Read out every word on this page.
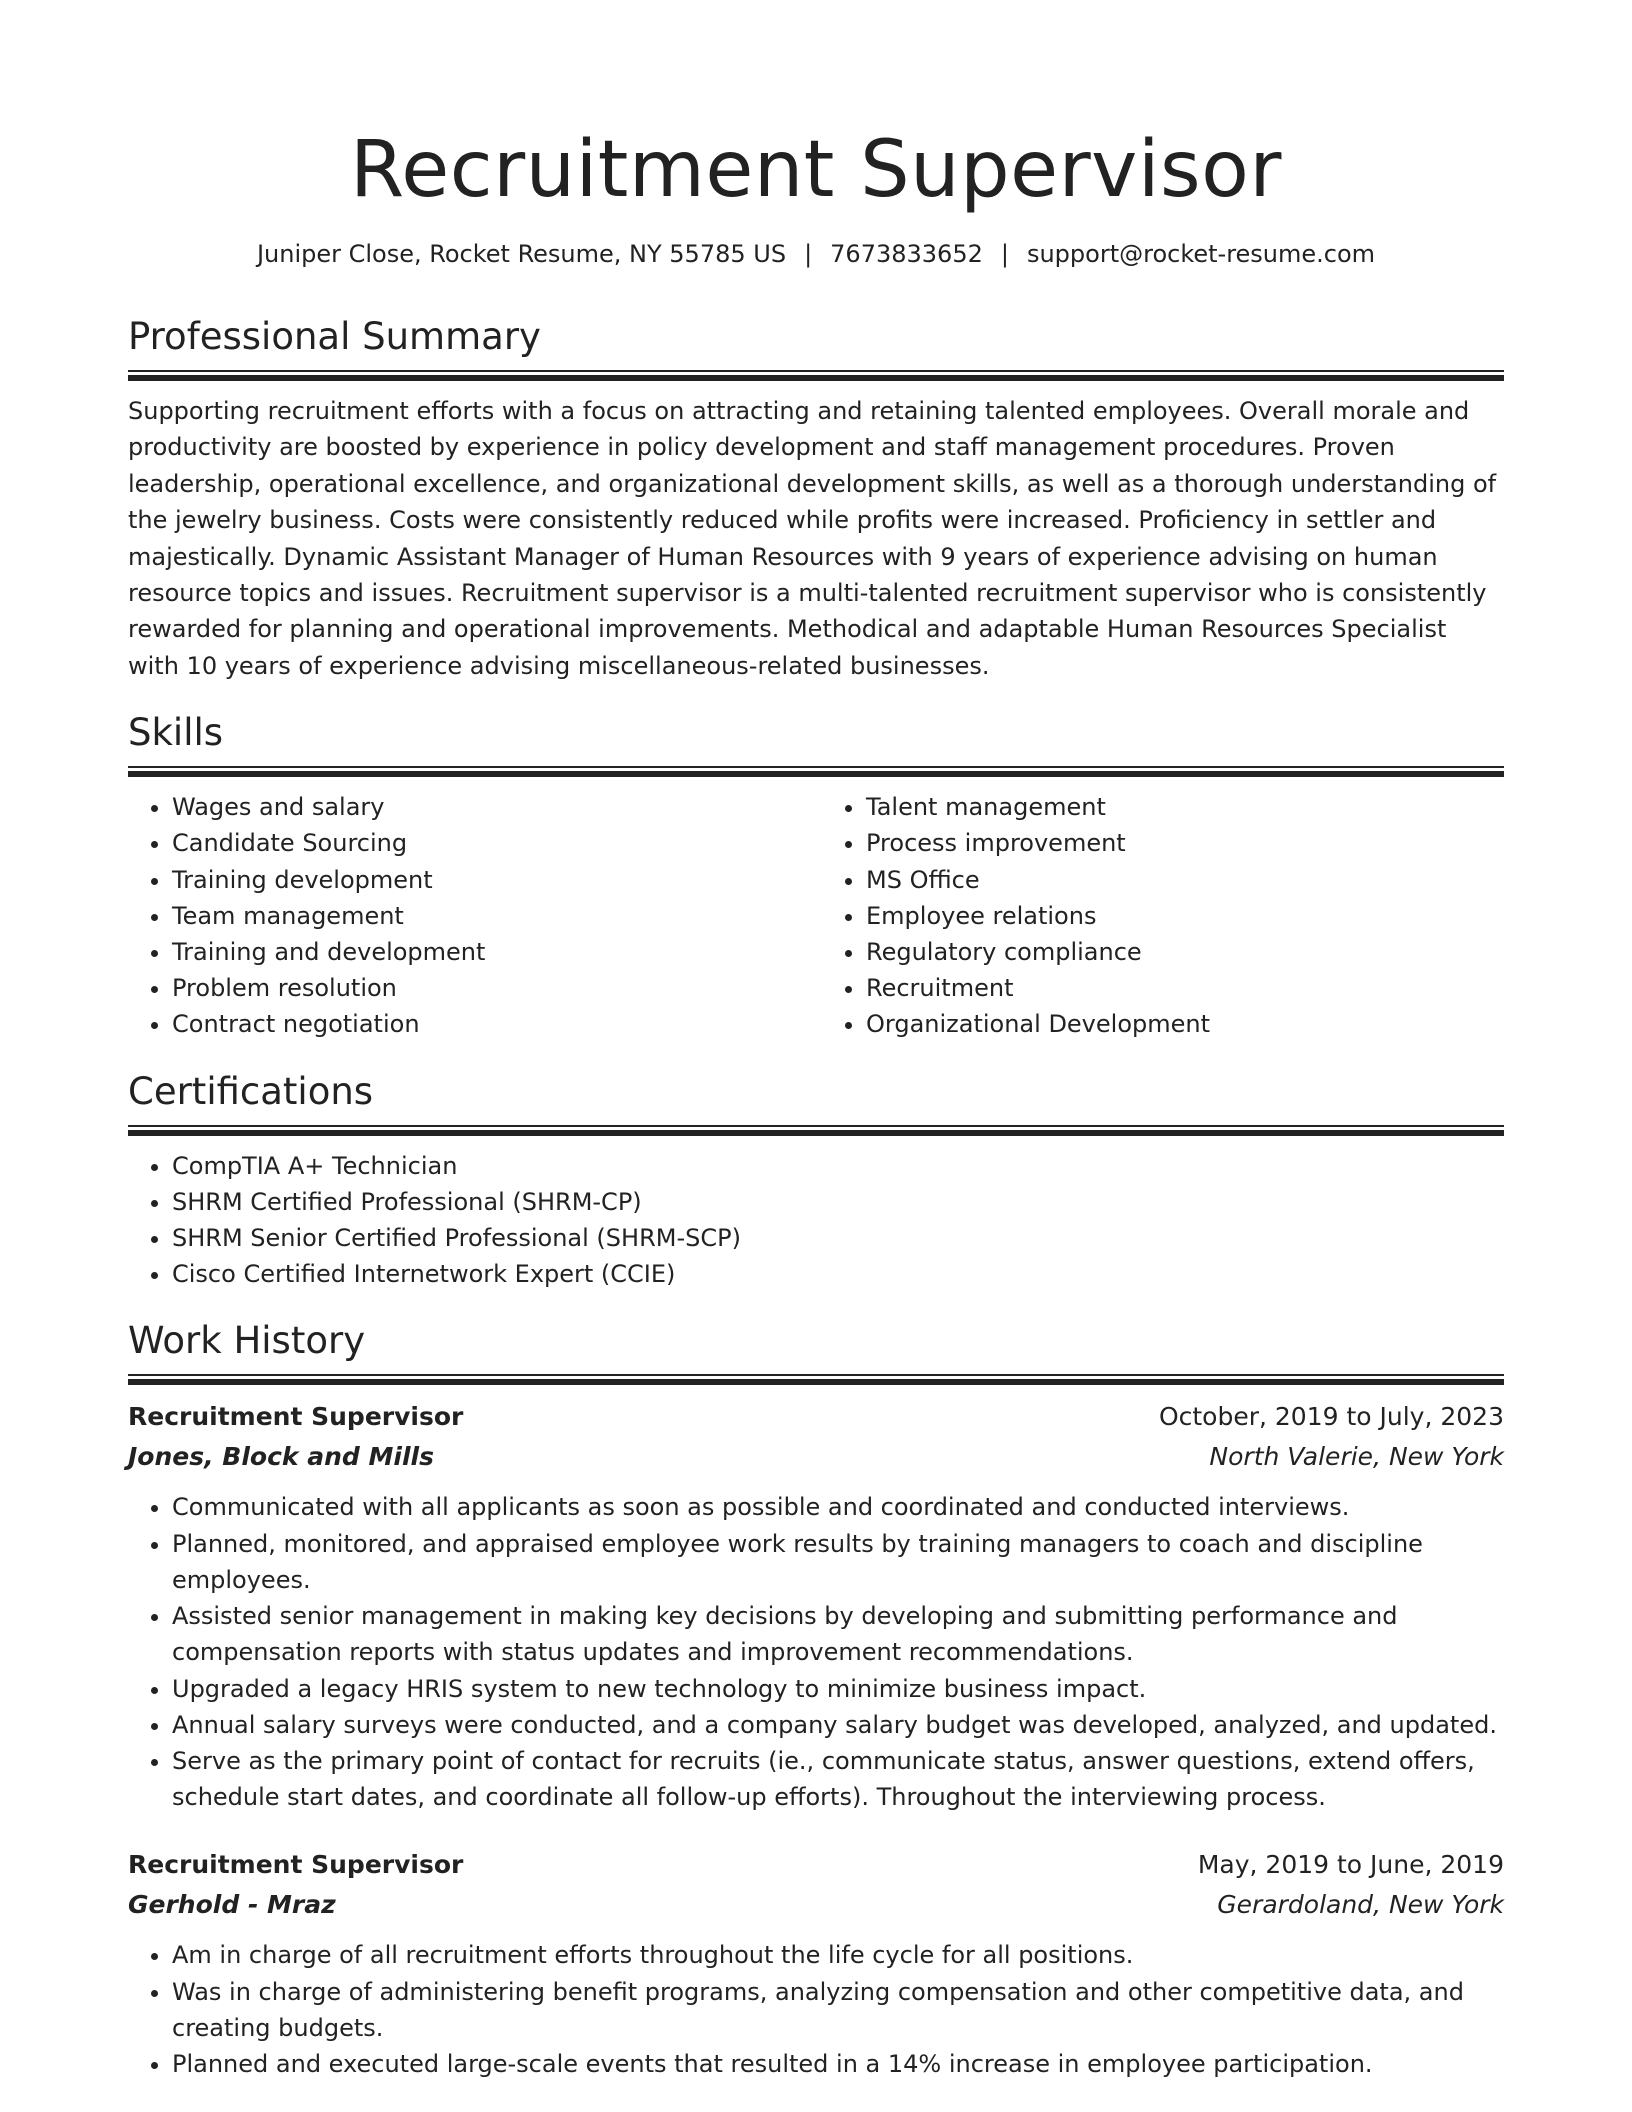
Recruitment Supervisor
Juniper Close, Rocket Resume, NY 55785 US | 7673833652 | support@rocket-resume.com
Professional Summary

Supporting recruitment efforts with a focus on attracting and retaining talented employees. Overall morale and productivity are boosted by experience in policy development and staff management procedures. Proven leadership, operational excellence, and organizational development skills, as well as a thorough understanding of the jewelry business. Costs were consistently reduced while profits were increased. Proficiency in settler and majestically. Dynamic Assistant Manager of Human Resources with 9 years of experience advising on human resource topics and issues. Recruitment supervisor is a multi-talented recruitment supervisor who is consistently rewarded for planning and operational improvements. Methodical and adaptable Human Resources Specialist with 10 years of experience advising miscellaneous-related businesses.

Skills
• Wages and salary
• Candidate Sourcing
• Training development
• Team management
• Training and development
• Problem resolution
• Contract negotiation
• Talent management
• Process improvement
• MS Office
• Employee relations
• Regulatory compliance
• Recruitment
• Organizational Development
Certifications
• CompTIA A+ Technician
• SHRM Certified Professional (SHRM-CP)
• SHRM Senior Certified Professional (SHRM-SCP)
• Cisco Certified Internetwork Expert (CCIE)
Work History
Recruitment Supervisor	October, 2019 to July, 2023
Jones, Block and Mills	North Valerie, New York
• Communicated with all applicants as soon as possible and coordinated and conducted interviews.
• Planned, monitored, and appraised employee work results by training managers to coach and discipline employees.
• Assisted senior management in making key decisions by developing and submitting performance and compensation reports with status updates and improvement recommendations.
• Upgraded a legacy HRIS system to new technology to minimize business impact.
• Annual salary surveys were conducted, and a company salary budget was developed, analyzed, and updated.
• Serve as the primary point of contact for recruits (ie., communicate status, answer questions, extend offers, schedule start dates, and coordinate all follow-up efforts). Throughout the interviewing process.
Recruitment Supervisor	May, 2019 to June, 2019
Gerhold - Mraz	Gerardoland, New York
• Am in charge of all recruitment efforts throughout the life cycle for all positions.
• Was in charge of administering benefit programs, analyzing compensation and other competitive data, and creating budgets.
• Planned and executed large-scale events that resulted in a 14% increase in employee participation.
